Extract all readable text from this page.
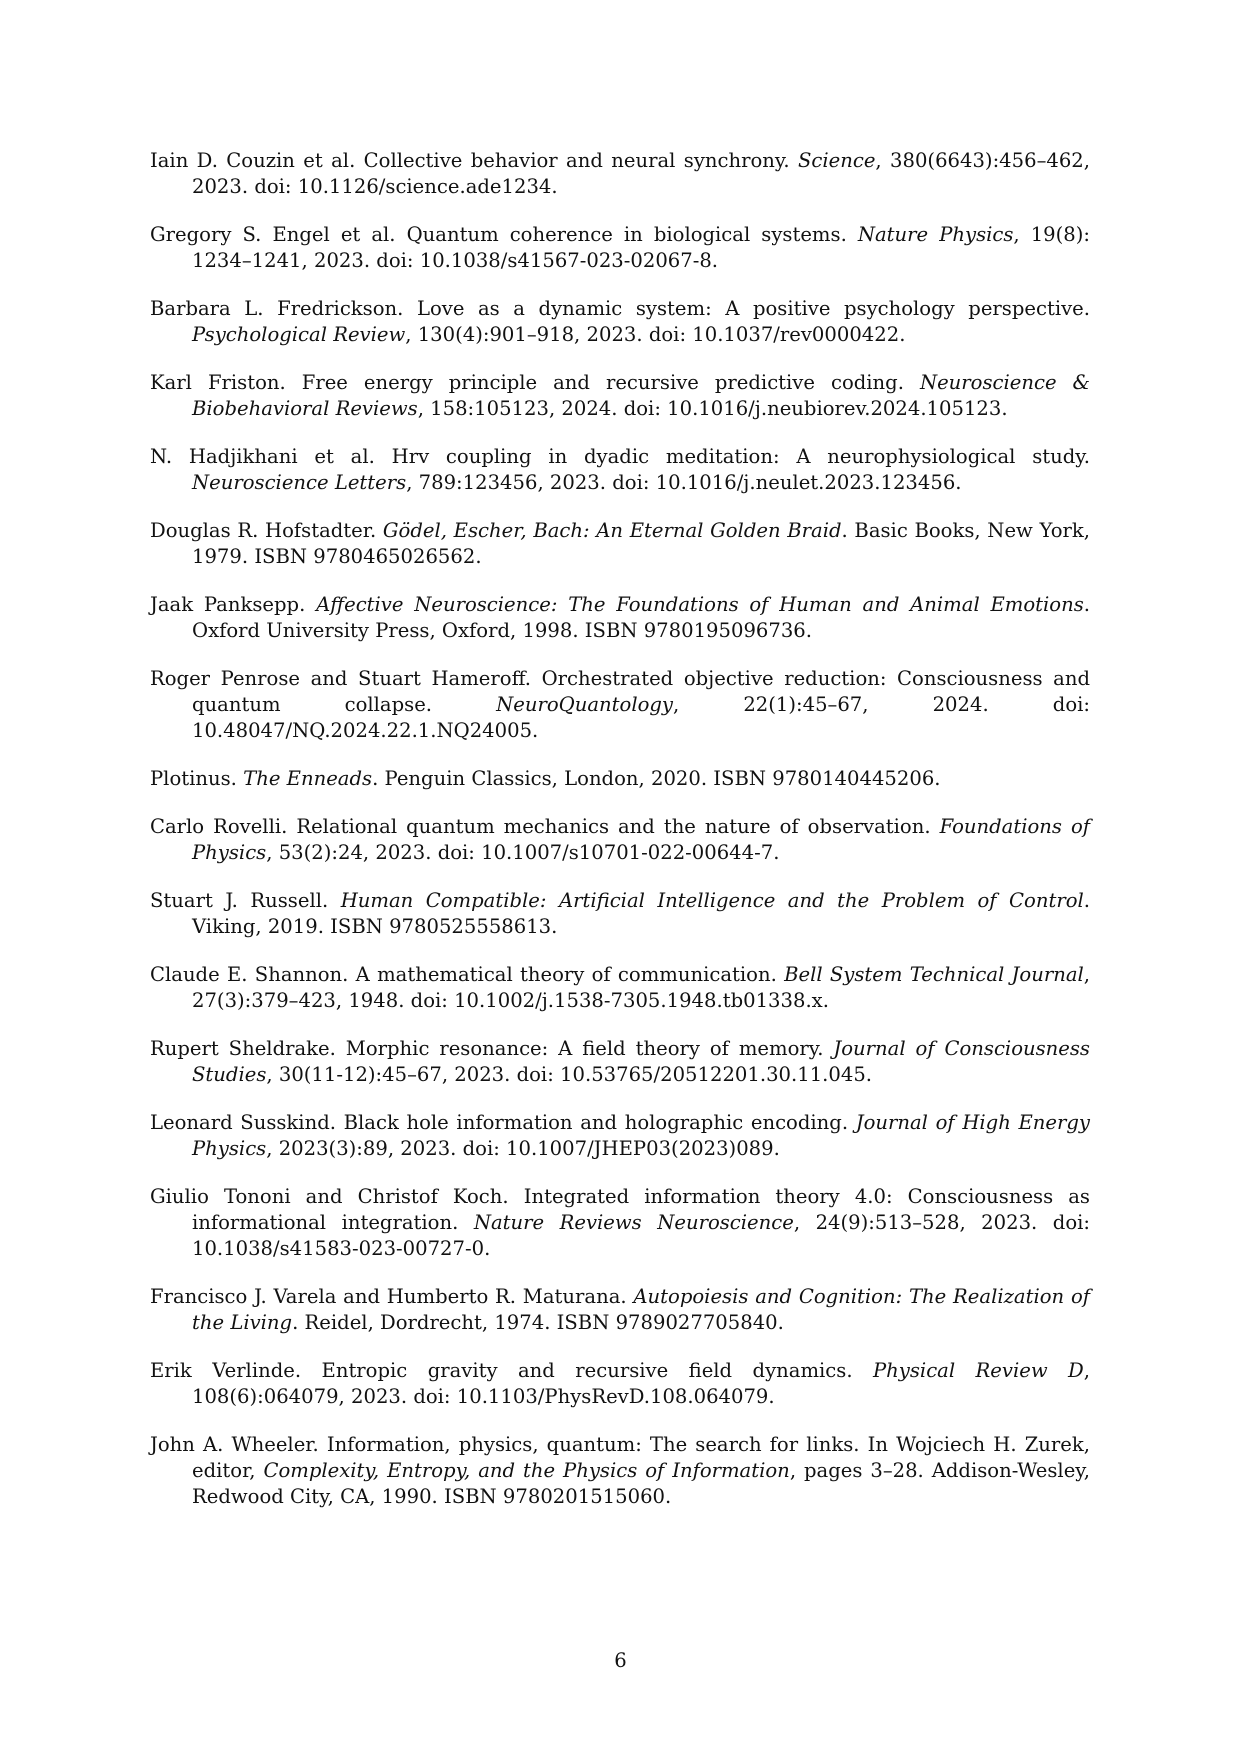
Iain D. Couzin et al. Collective behavior and neural synchrony. Science, 380(6643):456–462, 2023. doi: 10.1126/science.ade1234.
Gregory S. Engel et al. Quantum coherence in biological systems. Nature Physics, 19(8): 1234–1241, 2023. doi: 10.1038/s41567-023-02067-8.
Barbara L. Fredrickson. Love as a dynamic system: A positive psychology perspective. Psychological Review, 130(4):901–918, 2023. doi: 10.1037/rev0000422.
Karl Friston. Free energy principle and recursive predictive coding. Neuroscience & Biobehavioral Reviews, 158:105123, 2024. doi: 10.1016/j.neubiorev.2024.105123.
N. Hadjikhani et al. Hrv coupling in dyadic meditation: A neurophysiological study. Neuroscience Letters, 789:123456, 2023. doi: 10.1016/j.neulet.2023.123456.
Douglas R. Hofstadter. Gödel, Escher, Bach: An Eternal Golden Braid. Basic Books, New York, 1979. ISBN 9780465026562.
Jaak Panksepp. Affective Neuroscience: The Foundations of Human and Animal Emotions. Oxford University Press, Oxford, 1998. ISBN 9780195096736.
Roger Penrose and Stuart Hameroff. Orchestrated objective reduction: Consciousness and quantum collapse. NeuroQuantology, 22(1):45–67, 2024. doi: 10.48047/NQ.2024.22.1.NQ24005.
Plotinus. The Enneads. Penguin Classics, London, 2020. ISBN 9780140445206.
Carlo Rovelli. Relational quantum mechanics and the nature of observation. Foundations of Physics, 53(2):24, 2023. doi: 10.1007/s10701-022-00644-7.
Stuart J. Russell. Human Compatible: Artificial Intelligence and the Problem of Control. Viking, 2019. ISBN 9780525558613.
Claude E. Shannon. A mathematical theory of communication. Bell System Technical Journal, 27(3):379–423, 1948. doi: 10.1002/j.1538-7305.1948.tb01338.x.
Rupert Sheldrake. Morphic resonance: A field theory of memory. Journal of Consciousness Studies, 30(11-12):45–67, 2023. doi: 10.53765/20512201.30.11.045.
Leonard Susskind. Black hole information and holographic encoding. Journal of High Energy Physics, 2023(3):89, 2023. doi: 10.1007/JHEP03(2023)089.
Giulio Tononi and Christof Koch. Integrated information theory 4.0: Consciousness as informational integration. Nature Reviews Neuroscience, 24(9):513–528, 2023. doi: 10.1038/s41583-023-00727-0.
Francisco J. Varela and Humberto R. Maturana. Autopoiesis and Cognition: The Realization of the Living. Reidel, Dordrecht, 1974. ISBN 9789027705840.
Erik Verlinde. Entropic gravity and recursive field dynamics. Physical Review D, 108(6):064079, 2023. doi: 10.1103/PhysRevD.108.064079.
John A. Wheeler. Information, physics, quantum: The search for links. In Wojciech H. Zurek, editor, Complexity, Entropy, and the Physics of Information, pages 3–28. Addison-Wesley, Redwood City, CA, 1990. ISBN 9780201515060.
6
